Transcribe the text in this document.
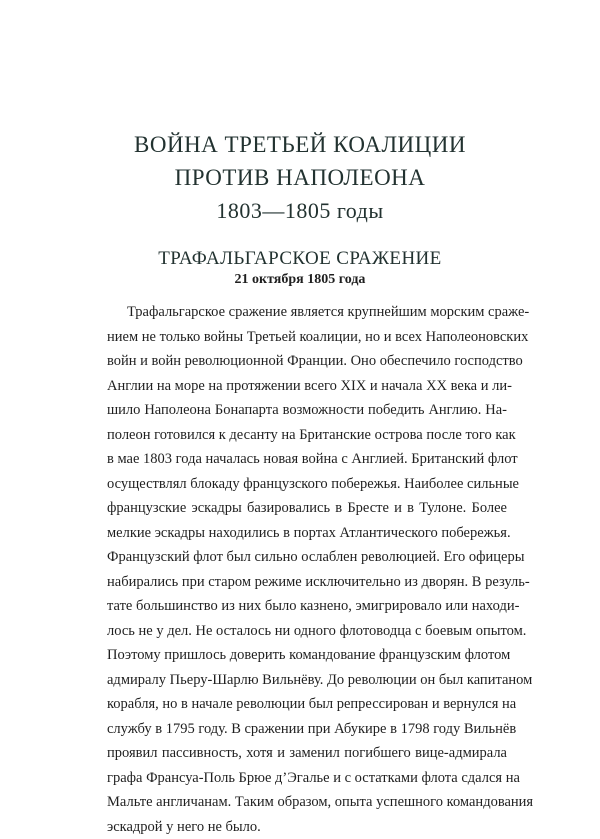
ВОЙНА ТРЕТЬЕЙ КОАЛИЦИИ
ПРОТИВ НАПОЛЕОНА
1803—1805 годы
ТРАФАЛЬГАРСКОЕ СРАЖЕНИЕ
21 октября 1805 года
Трафальгарское сражение является крупнейшим морским сраже-
нием не только войны Третьей коалиции, но и всех Наполеоновских
войн и войн революционной Франции. Оно обеспечило господство
Англии на море на протяжении всего XIX и начала XX века и ли-
шило Наполеона Бонапарта возможности победить Англию. На-
полеон готовился к десанту на Британские острова после того как
в мае 1803 года началась новая война с Англией. Британский флот
осуществлял блокаду французского побережья. Наиболее сильные
французские эскадры базировались в Бресте и в Тулоне. Более
мелкие эскадры находились в портах Атлантического побережья.
Французский флот был сильно ослаблен революцией. Его офицеры
набирались при старом режиме исключительно из дворян. В резуль-
тате большинство из них было казнено, эмигрировало или находи-
лось не у дел. Не осталось ни одного флотоводца с боевым опытом.
Поэтому пришлось доверить командование французским флотом
адмиралу Пьеру-Шарлю Вильнёву. До революции он был капитаном
корабля, но в начале революции был репрессирован и вернулся на
службу в 1795 году. В сражении при Абукире в 1798 году Вильнёв
проявил пассивность, хотя и заменил погибшего вице-адмирала
графа Франсуа-Поль Брюе д’Эгалье и с остатками флота сдался на
Мальте англичанам. Таким образом, опыта успешного командования
эскадрой у него не было.
